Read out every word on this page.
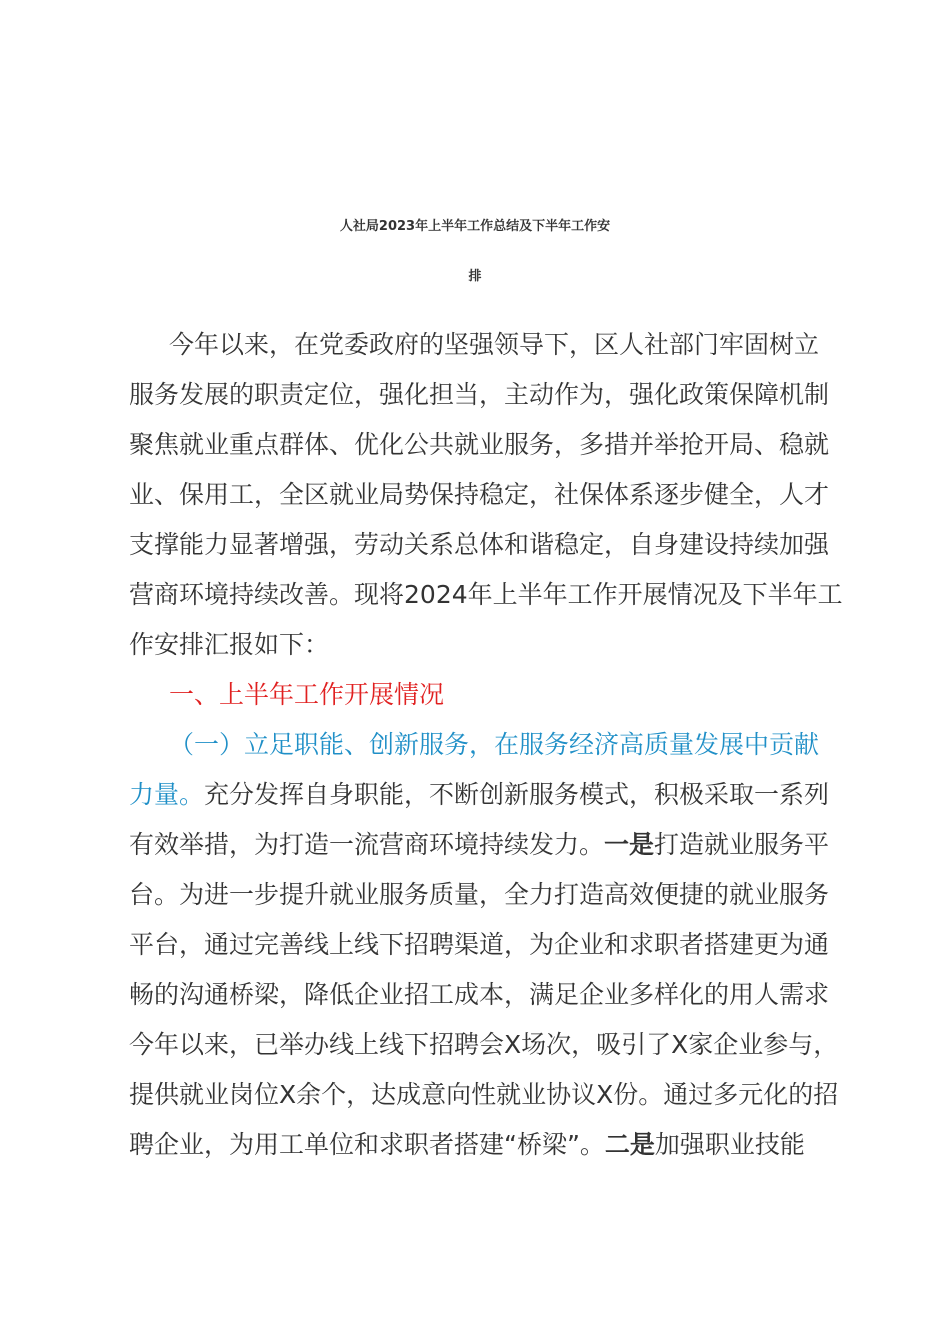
人社局2023年上半年工作总结及下半年工作安
排

今年以来，在党委政府的坚强领导下，区人社部门牢固树立

服务发展的职责定位，强化担当，主动作为，强化政策保障机制

聚焦就业重点群体、优化公共就业服务，多措并举抢开局、稳就

业、保用工，全区就业局势保持稳定，社保体系逐步健全，人才

支撑能力显著增强，劳动关系总体和谐稳定，自身建设持续加强

营商环境持续改善。现将2024年上半年工作开展情况及下半年工

作安排汇报如下：

一、上半年工作开展情况

（一）立足职能、创新服务，在服务经济高质量发展中贡献

力量。充分发挥自身职能，不断创新服务模式，积极采取一系列

有效举措，为打造一流营商环境持续发力。一是打造就业服务平

台。为进一步提升就业服务质量，全力打造高效便捷的就业服务

平台，通过完善线上线下招聘渠道，为企业和求职者搭建更为通

畅的沟通桥梁，降低企业招工成本，满足企业多样化的用人需求

今年以来，已举办线上线下招聘会X场次，吸引了X家企业参与，

提供就业岗位X余个，达成意向性就业协议X份。通过多元化的招

聘企业，为用工单位和求职者搭建“桥梁”。二是加强职业技能
